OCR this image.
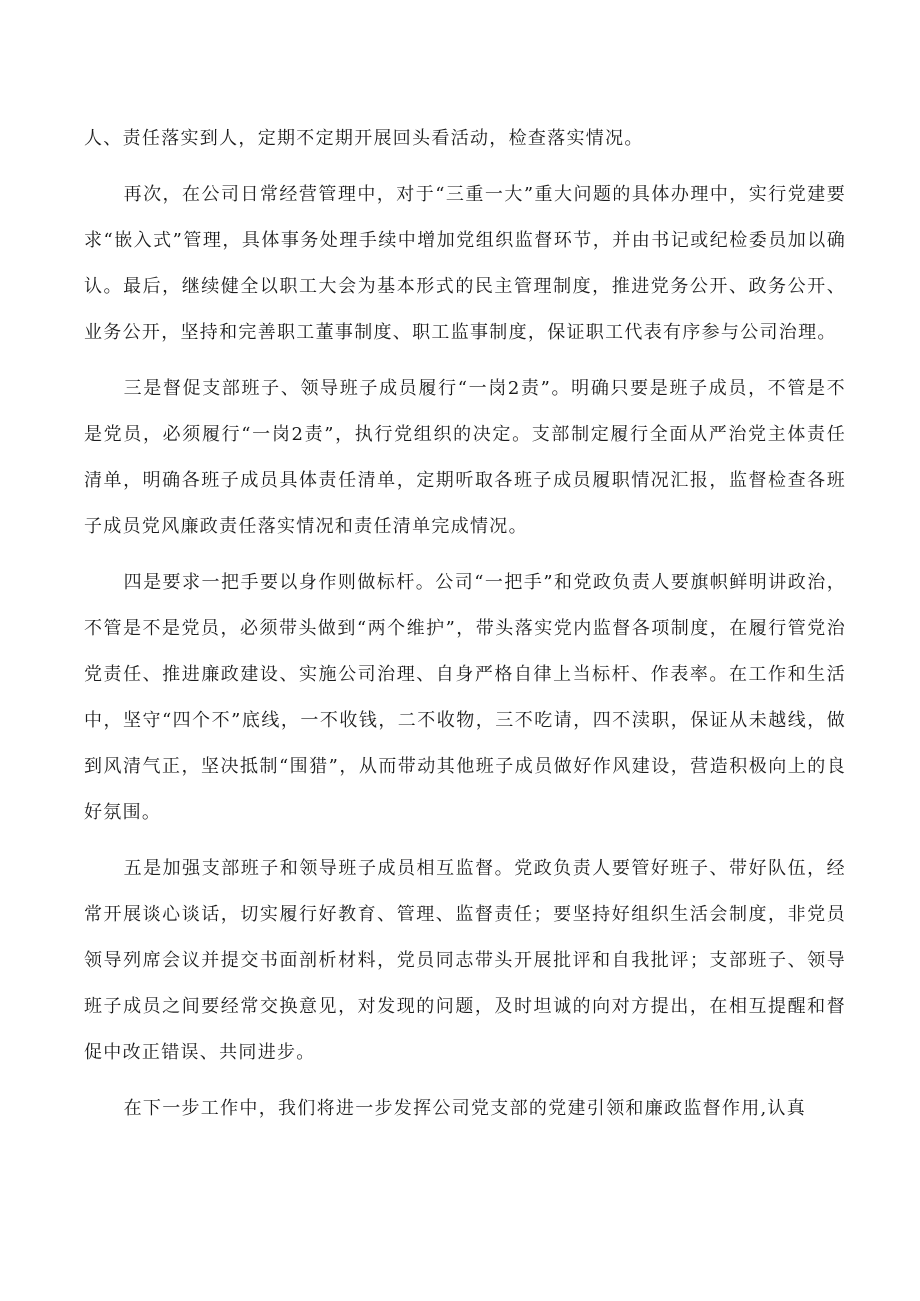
人、责任落实到人，定期不定期开展回头看活动，检查落实情况。

再次，在公司日常经营管理中，对于“三重一大”重大问题的具体办理中，实行党建要求“嵌入式”管理，具体事务处理手续中增加党组织监督环节，并由书记或纪检委员加以确认。最后，继续健全以职工大会为基本形式的民主管理制度，推进党务公开、政务公开、业务公开，坚持和完善职工董事制度、职工监事制度，保证职工代表有序参与公司治理。

三是督促支部班子、领导班子成员履行“一岗2责”。明确只要是班子成员，不管是不是党员，必须履行“一岗2责”，执行党组织的决定。支部制定履行全面从严治党主体责任清单，明确各班子成员具体责任清单，定期听取各班子成员履职情况汇报，监督检查各班子成员党风廉政责任落实情况和责任清单完成情况。

四是要求一把手要以身作则做标杆。公司“一把手”和党政负责人要旗帜鲜明讲政治，不管是不是党员，必须带头做到“两个维护”，带头落实党内监督各项制度，在履行管党治党责任、推进廉政建设、实施公司治理、自身严格自律上当标杆、作表率。在工作和生活中，坚守“四个不”底线，一不收钱，二不收物，三不吃请，四不渎职，保证从未越线，做到风清气正，坚决抵制“围猎”，从而带动其他班子成员做好作风建设，营造积极向上的良好氛围。

五是加强支部班子和领导班子成员相互监督。党政负责人要管好班子、带好队伍，经常开展谈心谈话，切实履行好教育、管理、监督责任；要坚持好组织生活会制度，非党员领导列席会议并提交书面剖析材料，党员同志带头开展批评和自我批评；支部班子、领导班子成员之间要经常交换意见，对发现的问题，及时坦诚的向对方提出，在相互提醒和督促中改正错误、共同进步。

在下一步工作中，我们将进一步发挥公司党支部的党建引领和廉政监督作用,认真
